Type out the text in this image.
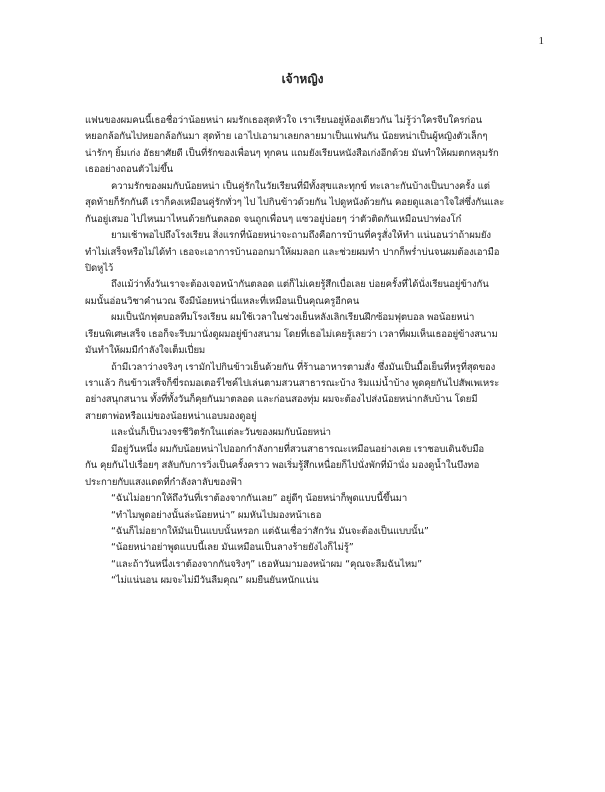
1
เจ้าหญิง
แฟนของผมคนนี้เธอชื่อว่าน้อยหน่า ผมรักเธอสุดหัวใจ เราเรียนอยู่ห้องเดียวกัน ไม่รู้ว่าใครจีบใครก่อน
หยอกล้อกันไปหยอกล้อกันมา สุดท้าย เอาไปเอามาเลยกลายมาเป็นแฟนกัน น้อยหน่าเป็นผู้หญิงตัวเล็กๆ
น่ารักๆ ยิ้มเก่ง อัธยาศัยดี เป็นที่รักของเพื่อนๆ ทุกคน แถมยังเรียนหนังสือเก่งอีกด้วย มันทำให้ผมตกหลุมรัก
เธออย่างถอนตัวไม่ขึ้น
ความรักของผมกับน้อยหน่า เป็นคู่รักในวัยเรียนที่มีทั้งสุขและทุกข์ ทะเลาะกันบ้างเป็นบางครั้ง แต่
สุดท้ายก็รักกันดี เราก็คงเหมือนคู่รักทั่วๆ ไป ไปกินข้าวด้วยกัน ไปดูหนังด้วยกัน คอยดูแลเอาใจใส่ซึ่งกันและ
กันอยู่เสมอ ไปไหนมาไหนด้วยกันตลอด จนถูกเพื่อนๆ แซวอยู่บ่อยๆ ว่าตัวติดกันเหมือนปาท่องโก๋
ยามเช้าพอไปถึงโรงเรียน สิ่งแรกที่น้อยหน่าจะถามถึงคือการบ้านที่ครูสั่งให้ทำ แน่นอนว่าถ้าผมยัง
ทำไม่เสร็จหรือไม่ได้ทำ เธอจะเอาการบ้านออกมาให้ผมลอก และช่วยผมทำ ปากก็พร่ำบ่นจนผมต้องเอามือ
ปิดหูไว้
ถึงแม้ว่าทั้งวันเราจะต้องเจอหน้ากันตลอด แต่ก็ไม่เคยรู้สึกเบื่อเลย บ่อยครั้งที่ได้นั่งเรียนอยู่ข้างกัน
ผมนั้นอ่อนวิชาคำนวณ จึงมีน้อยหน่านี่แหละที่เหมือนเป็นคุณครูอีกคน
ผมเป็นนักฟุตบอลทีมโรงเรียน ผมใช้เวลาในช่วงเย็นหลังเลิกเรียนฝึกซ้อมฟุตบอล พอน้อยหน่า
เรียนพิเศษเสร็จ เธอก็จะรีบมานั่งดูผมอยู่ข้างสนาม โดยที่เธอไม่เคยรู้เลยว่า เวลาที่ผมเห็นเธออยู่ข้างสนาม
มันทำให้ผมมีกำลังใจเต็มเปี่ยม
ถ้ามีเวลาว่างจริงๆ เรามักไปกินข้าวเย็นด้วยกัน ที่ร้านอาหารตามสั่ง ซึ่งมันเป็นมื้อเย็นที่หรูที่สุดของ
เราแล้ว กินข้าวเสร็จก็ขี่รถมอเตอร์ไซค์ไปเล่นตามสวนสาธารณะบ้าง ริมแม่น้ำบ้าง พูดคุยกันไปสัพเพเหระ
อย่างสนุกสนาน ทั้งที่ทั้งวันก็คุยกันมาตลอด และก่อนสองทุ่ม ผมจะต้องไปส่งน้อยหน่ากลับบ้าน โดยมี
สายตาพ่อหรือแม่ของน้อยหน่าแอบมองดูอยู่
และนั่นก็เป็นวงจรชีวิตรักในแต่ละวันของผมกับน้อยหน่า
มีอยู่วันหนึ่ง ผมกับน้อยหน่าไปออกกำลังกายที่สวนสาธารณะเหมือนอย่างเคย เราชอบเดินจับมือ
กัน คุยกันไปเรื่อยๆ สลับกับการวิ่งเป็นครั้งคราว พอเริ่มรู้สึกเหนื่อยก็ไปนั่งพักที่ม้านั่ง มองดูน้ำในบึงทอ
ประกายกับแสงแดดที่กำลังลาลับของฟ้า
“ฉันไม่อยากให้ถึงวันที่เราต้องจากกันเลย” อยู่ดีๆ น้อยหน่าก็พูดแบบนี้ขึ้นมา
“ทำไมพูดอย่างนั้นล่ะน้อยหน่า” ผมหันไปมองหน้าเธอ
“ฉันก็ไม่อยากให้มันเป็นแบบนั้นหรอก แต่ฉันเชื่อว่าสักวัน มันจะต้องเป็นแบบนั้น”
“น้อยหน่าอย่าพูดแบบนี้เลย มันเหมือนเป็นลางร้ายยังไงก็ไม่รู้”
“และถ้าวันหนึ่งเราต้องจากกันจริงๆ” เธอหันมามองหน้าผม “คุณจะลืมฉันไหม”
“ไม่แน่นอน ผมจะไม่มีวันลืมคุณ” ผมยืนยันหนักแน่น
